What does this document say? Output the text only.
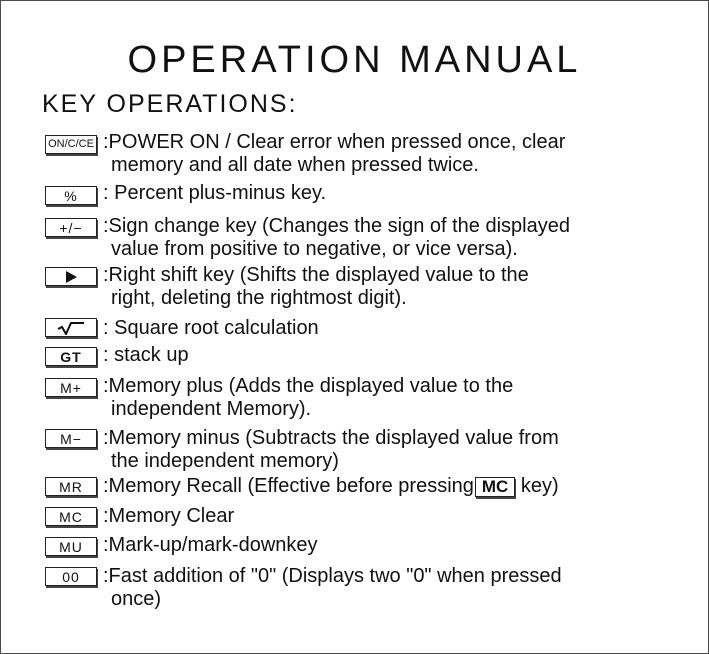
OPERATION MANUAL
KEY OPERATIONS:
ON/C/CE :POWER ON / Clear error when pressed once, clear
memory and all date when pressed twice.
%	: Percent plus-minus key.
+/−	:Sign change key (Changes the sign of the displayed
value from positive to negative, or vice versa).
:Right shift key (Shifts the displayed value to the
right, deleting the rightmost digit).
: Square root calculation
GT	: stack up
M+	:Memory plus (Adds the displayed value to the
independent Memory).
M−	:Memory minus (Subtracts the displayed value from
the independent memory)
MR	:Memory Recall (Effective before pressing MC key)
MC	:Memory Clear
MU	:Mark-up/mark-downkey
00	:Fast addition of "0" (Displays two "0" when pressed
once)
